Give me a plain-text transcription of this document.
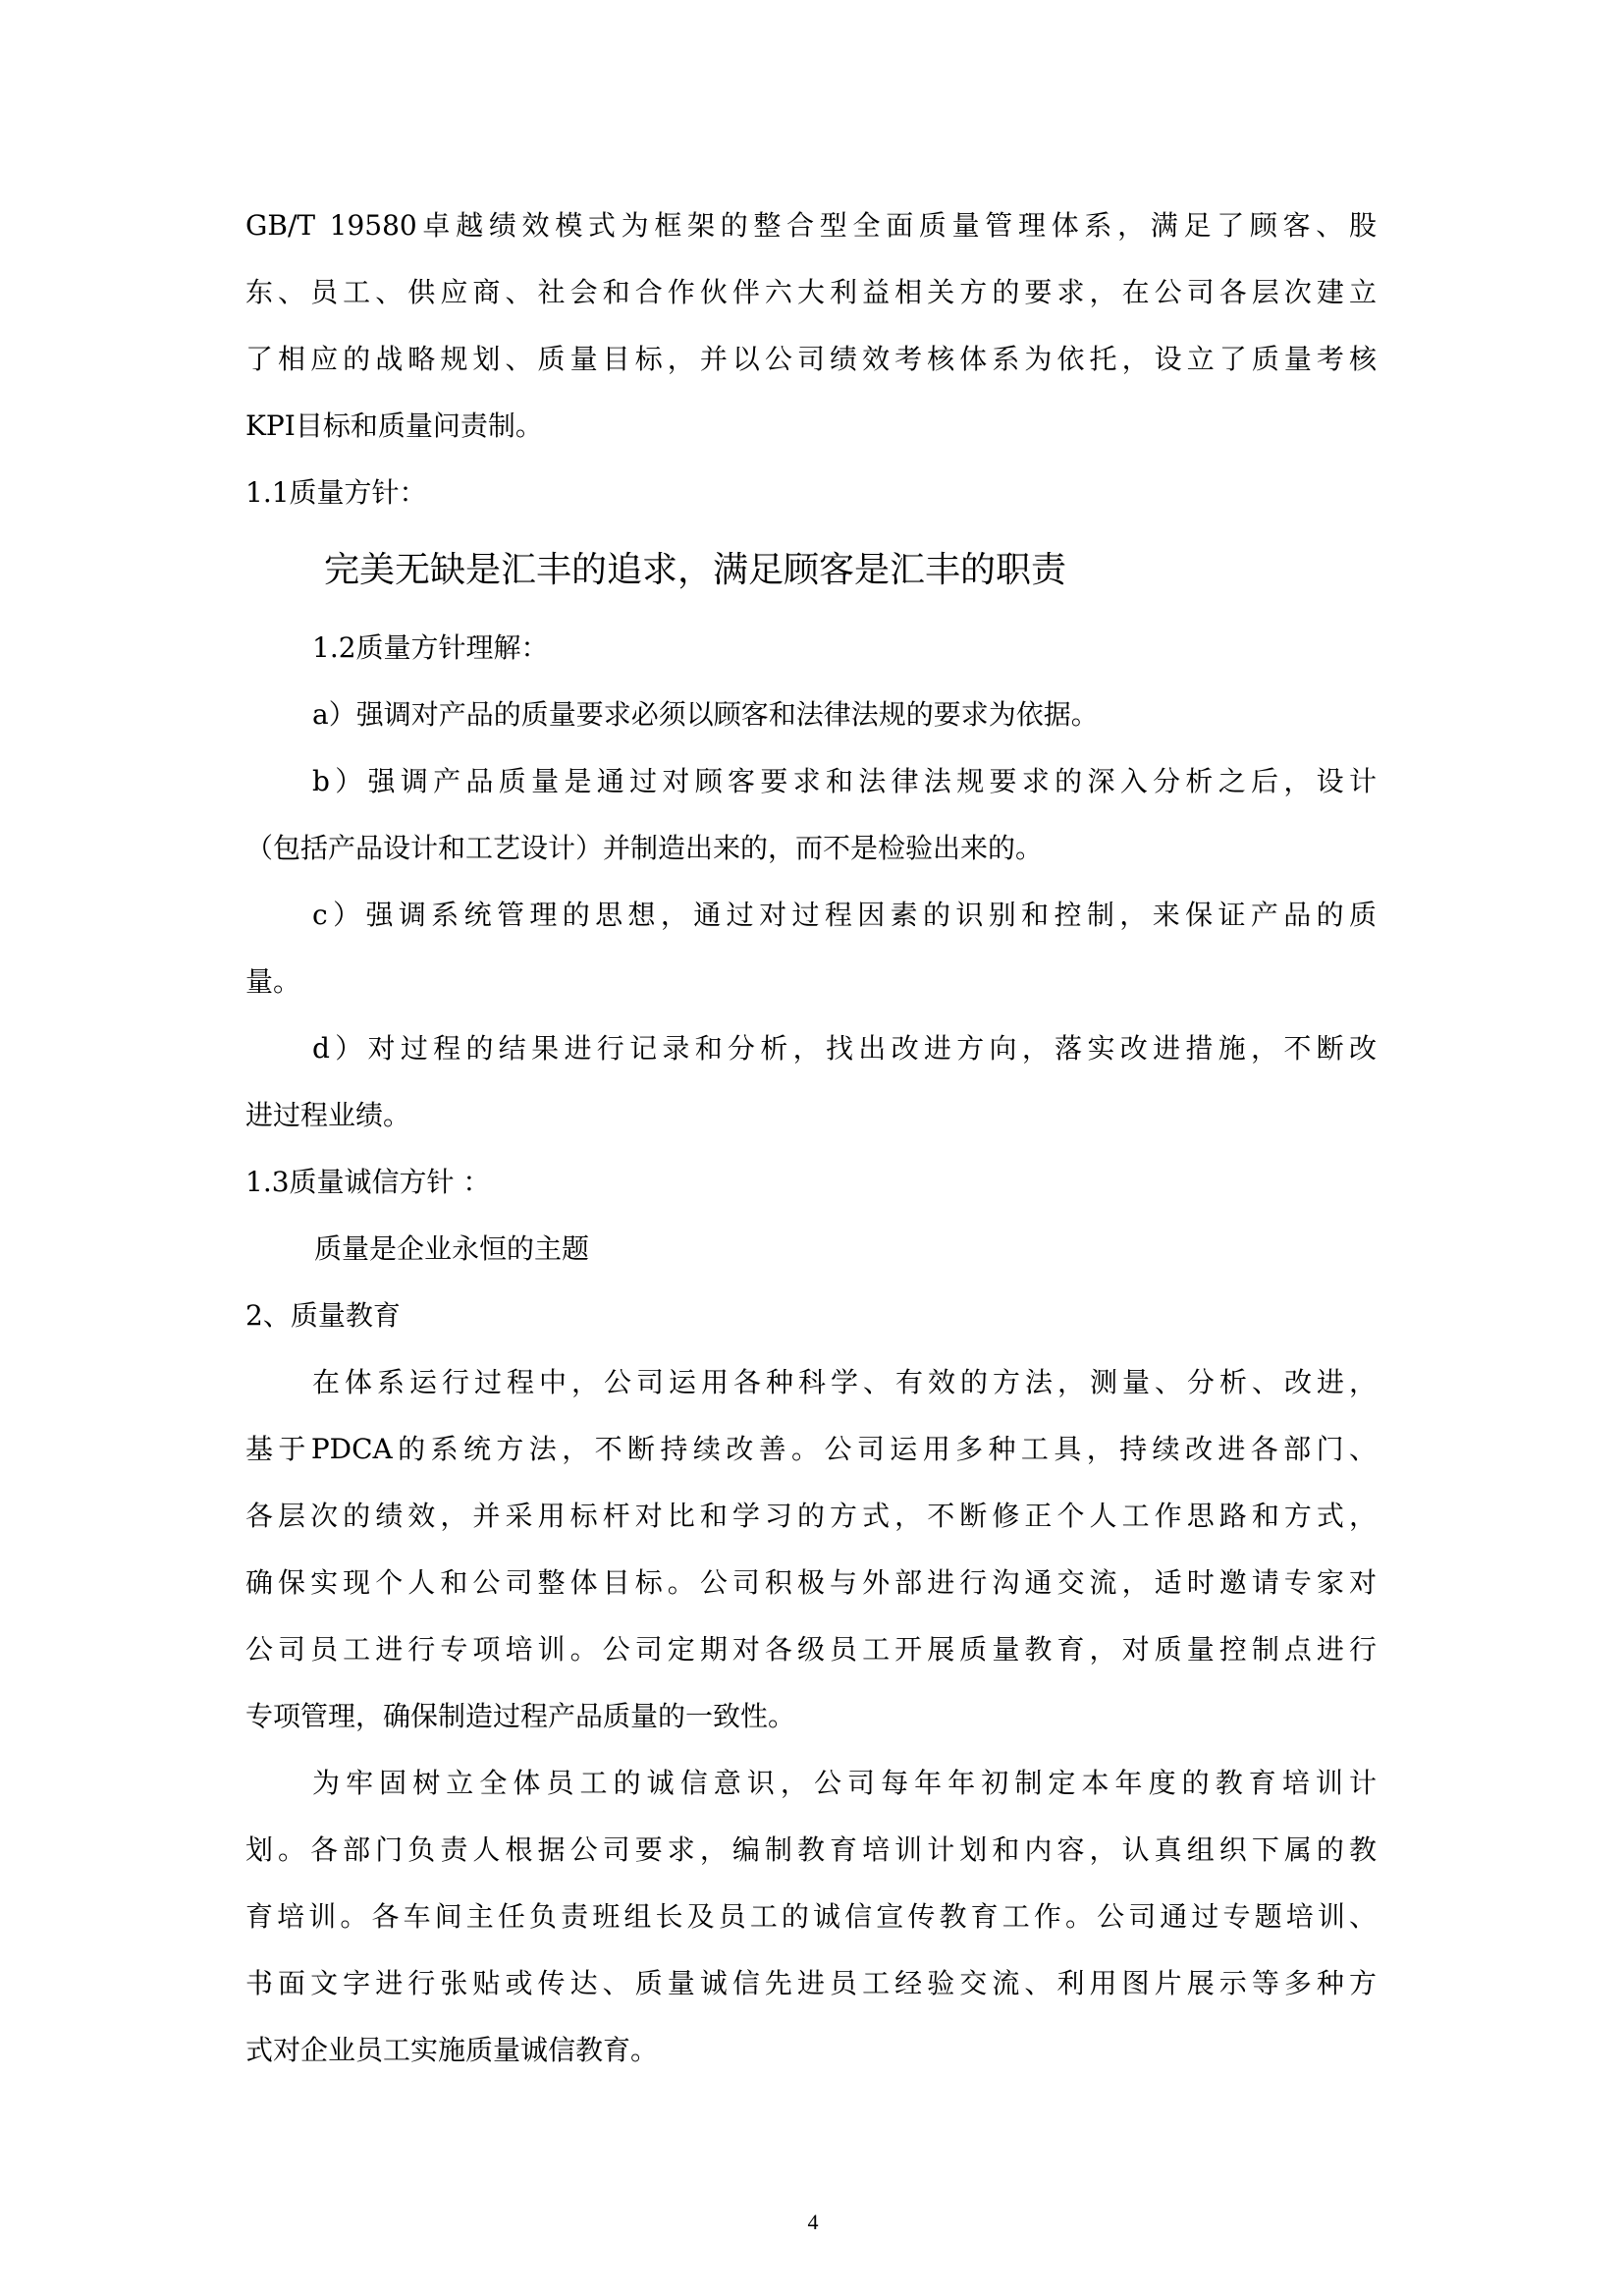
GB/T 19580卓越绩效模式为框架的整合型全面质量管理体系，满足了顾客、股
东、员工、供应商、社会和合作伙伴六大利益相关方的要求，在公司各层次建立
了相应的战略规划、质量目标，并以公司绩效考核体系为依托，设立了质量考核
KPI目标和质量问责制。
1.1质量方针：
完美无缺是汇丰的追求，满足顾客是汇丰的职责
1.2质量方针理解：
a）强调对产品的质量要求必须以顾客和法律法规的要求为依据。
b）强调产品质量是通过对顾客要求和法律法规要求的深入分析之后，设计
（包括产品设计和工艺设计）并制造出来的，而不是检验出来的。
c）强调系统管理的思想，通过对过程因素的识别和控制，来保证产品的质
量。
d）对过程的结果进行记录和分析，找出改进方向，落实改进措施，不断改
进过程业绩。
1.3质量诚信方针 ：
质量是企业永恒的主题
2、质量教育
在体系运行过程中，公司运用各种科学、有效的方法，测量、分析、改进，
基于PDCA的系统方法，不断持续改善。公司运用多种工具，持续改进各部门、
各层次的绩效，并采用标杆对比和学习的方式，不断修正个人工作思路和方式，
确保实现个人和公司整体目标。公司积极与外部进行沟通交流，适时邀请专家对
公司员工进行专项培训。公司定期对各级员工开展质量教育，对质量控制点进行
专项管理，确保制造过程产品质量的一致性。
为牢固树立全体员工的诚信意识，公司每年年初制定本年度的教育培训计
划。各部门负责人根据公司要求，编制教育培训计划和内容，认真组织下属的教
育培训。各车间主任负责班组长及员工的诚信宣传教育工作。公司通过专题培训、
书面文字进行张贴或传达、质量诚信先进员工经验交流、利用图片展示等多种方
式对企业员工实施质量诚信教育。
4
